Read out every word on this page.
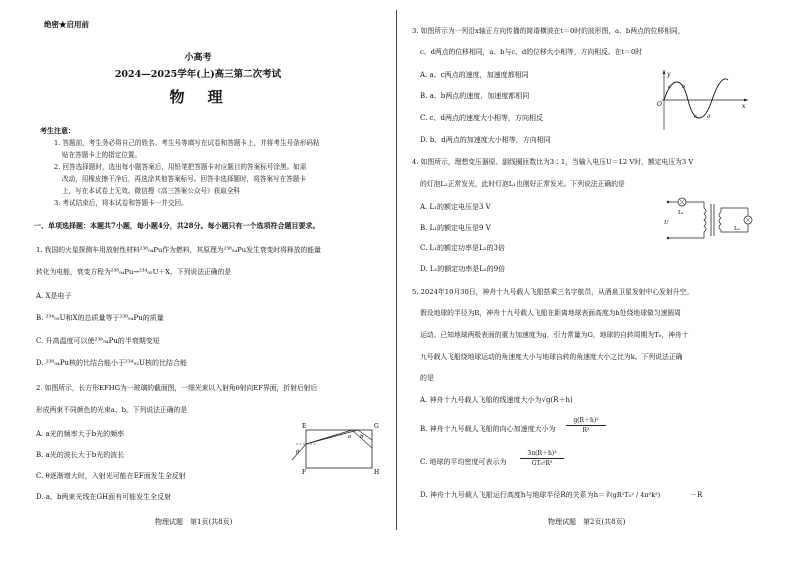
绝密★启用前
小高考
2024—2025学年(上)高三第二次考试
物　理
考生注意：
1. 答题前，考生务必将自己的姓名、考生号等填写在试卷和答题卡上，并将考生号条形码粘
贴在答题卡上的指定位置。
2. 回答选择题时，选出每小题答案后，用铅笔把答题卡对应题目的答案标号涂黑。如需
改动，用橡皮擦干净后，再选涂其他答案标号。回答非选择题时，将答案写在答题卡
上，写在本试卷上无效。微信搜《高三答案公众号》获取全科
3. 考试结束后，将本试卷和答题卡一并交回。
一、单项选择题：本题共7小题，每小题4分，共28分。每小题只有一个选项符合题目要求。
1. 我国的火星探测车用放射性材料²³⁸₉₄Pu作为燃料，其原理为²³⁸₉₄Pu发生衰变时将释放的能量
转化为电能，衰变方程为²³⁸₉₄Pu→²³⁴₉₂U＋X。下列说法正确的是
A. X是电子
B. ²³⁴₉₂U和X的总质量等于²³⁸₉₄Pu的质量
C. 升高温度可以使²³⁸₉₄Pu的半衰期变短
D. ²³⁸₉₄Pu核的比结合能小于²³⁴₉₂U核的比结合能
2. 如图所示，长方形EFHG为一玻璃的截面图，一细光束以入射角θ射向EF界面，折射后射后
形成两束不同颜色的光束a、b。下列说法正确的是
A. a光的频率大于b光的频率
B. a光的波长大于b光的波长
C. θ逐渐增大时，入射光可能在EF面发生全反射
D. a、b两束光线在GH面有可能发生全反射
E	G
F	H
a b
θ
物理试题　第1页(共8页)
3. 如图所示为一列沿x轴正方向传播的简谐横波在t＝0时的波形图，a、b两点的位移相同，
c、d两点的位移相同，a、b与c、d的位移大小相等，方向相反。在t＝0时
A. a、c两点的速度，加速度都相同
B. a、b两点的速度，加速度都相同
C. c、d两点的速度大小相等，方向相反
D. b、d两点的加速度大小相等，方向相同
y
x
O
a b
c d
4. 如图所示，理想变压器原、副线圈匝数比为3∶1，当输入电压U＝12 V时，额定电压为3 V
的灯泡L₂正常发光，此时灯泡L₁也刚好正常发光。下列说法正确的是
A. L₁的额定电压是3 V
B. L₁的额定电压是9 V
C. L₁的额定功率是L₂的3倍
D. L₁的额定功率是L₂的9倍
L₁
U
L₂
5. 2024年10月30日，神舟十九号载人飞船搭乘三名宇航员，从酒泉卫星发射中心发射升空。
假设地球的半径为R，神舟十九号载人飞船在距离地球表面高度为h处绕地球做匀速圆周
运动。已知地球两极表面的重力加速度为g，引力常量为G，地球的自转周期为T₀，神舟十
九号载人飞船绕地球运动的角速度大小与地球自转的角速度大小之比为k。下列说法正确
的是
A. 神舟十九号载人飞船的线速度大小为√g(R＋h)
B. 神舟十九号载人飞船的向心加速度大小为
g(R＋h)²
R²
C. 地球的平均密度可表示为
3π(R＋h)³
GT₀²R³
D. 神舟十九号载人飞船运行高度h与地球半径R的关系为h＝ ∛(gR²T₀² / 4π²k²)	－R
物理试题　第2页(共8页)
